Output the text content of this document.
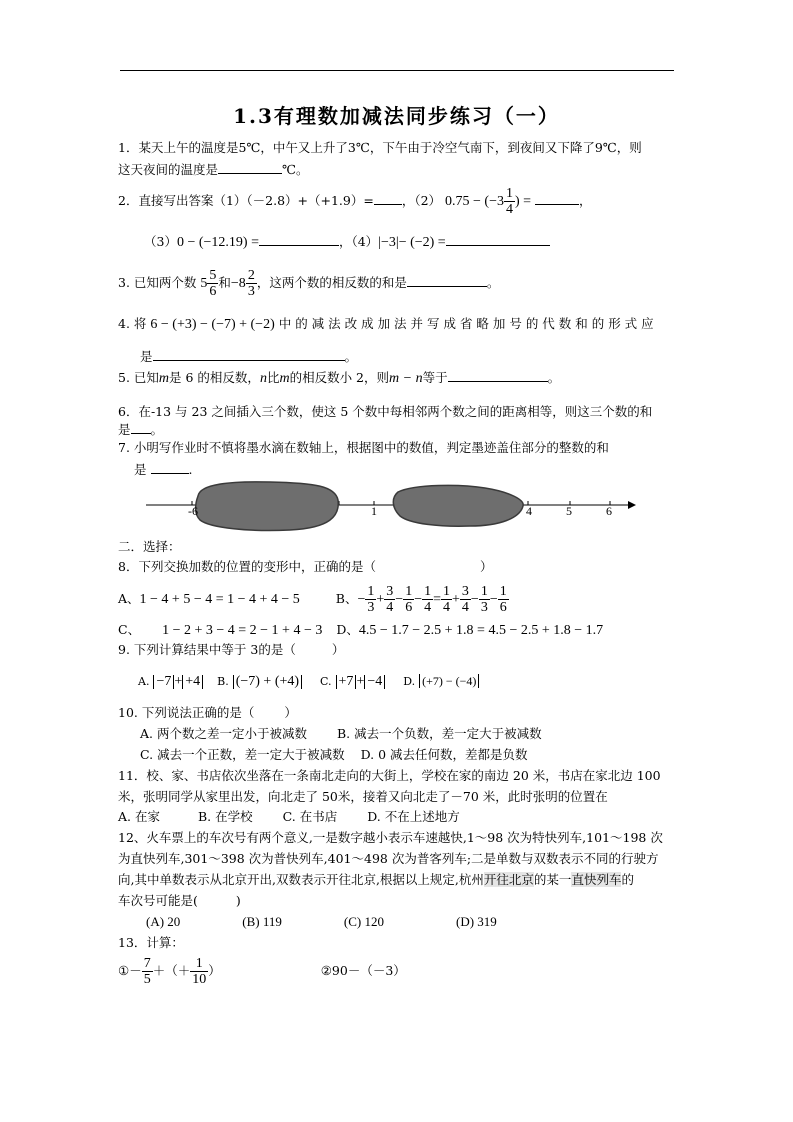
1.3有理数加减法同步练习（一）
1．某天上午的温度是5℃，中午又上升了3℃，下午由于冷空气南下，到夜间又下降了9℃，则
这天夜间的温度是	℃。
2．直接写出答案（1）（－2.8）+（+1.9）= ，（2） $0.75 - (-3 \frac{1}{4}$ ) =	，
（3）0 − (−12.19) =	，（4）|−3|− (−2) =
3. 已知两个数 $5 \frac{5}{6}$ 和$-8 \frac{2}{3}$ ，这两个数的相反数的和是	。
4. 将 6 − (+3) − (−7) + (−2) 中 的 减 法 改 成 加 法 并 写 成 省 略 加 号 的 代 数 和 的 形 式 应
是	。
5. 已知m是 6 的相反数，n比m的相反数小 2，则m − n等于	。
6．在-13 与 23 之间插入三个数，使这 5 个数中每相邻两个数之间的距离相等，则这三个数的和
是 。
7. 小明写作业时不慎将墨水滴在数轴上，根据图中的数值，判定墨迹盖住部分的整数的和
是	.
-6	1	4	5	6
二．选择：
8．下列交换加数的位置的变形中，正确的是（	）
A、1 − 4 + 5 − 4 = 1 − 4 + 4 − 5	B、− $\frac{1}{3} + \frac{3}{4} - \frac{1}{6} - \frac{1}{4} = \frac{1}{4} + \frac{3}{4} - \frac{1}{3} - \frac{1}{6}$
C、 1 − 2 + 3 − 4 = 2 − 1 + 4 − 3 D、4.5 − 1.7 − 2.5 + 1.8 = 4.5 − 2.5 + 1.8 − 1.7
9. 下列计算结果中等于 3的是（	）
A. −7 + +4 B. (−7) + (+4) C. +7 + −4 D. (+7) − (−4)
10. 下列说法正确的是（ ）
A. 两个数之差一定小于被减数 B. 减去一个负数，差一定大于被减数
C. 减去一个正数，差一定大于被减数 D. 0 减去任何数，差都是负数
11．校、家、书店依次坐落在一条南北走向的大街上，学校在家的南边 20 米，书店在家北边 100
米，张明同学从家里出发，向北走了 50米，接着又向北走了－70 米，此时张明的位置在
A. 在家	B. 在学校 C. 在书店 D. 不在上述地方
12、火车票上的车次号有两个意义,一是数字越小表示车速越快,1～98 次为特快列车,101～198 次
为直快列车,301～398 次为普快列车,401～498 次为普客列车;二是单数与双数表示不同的行驶方
向,其中单数表示从北京开出,双数表示开往北京,根据以上规定,杭州开往北京的某一直快列车的
车次号可能是(	)
(A) 20	(B) 119	(C) 120	(D) 319
13．计算：
①－ $\frac{7}{5}$ ＋（＋ $\frac{1}{10}$ ）	②90－（－3）
